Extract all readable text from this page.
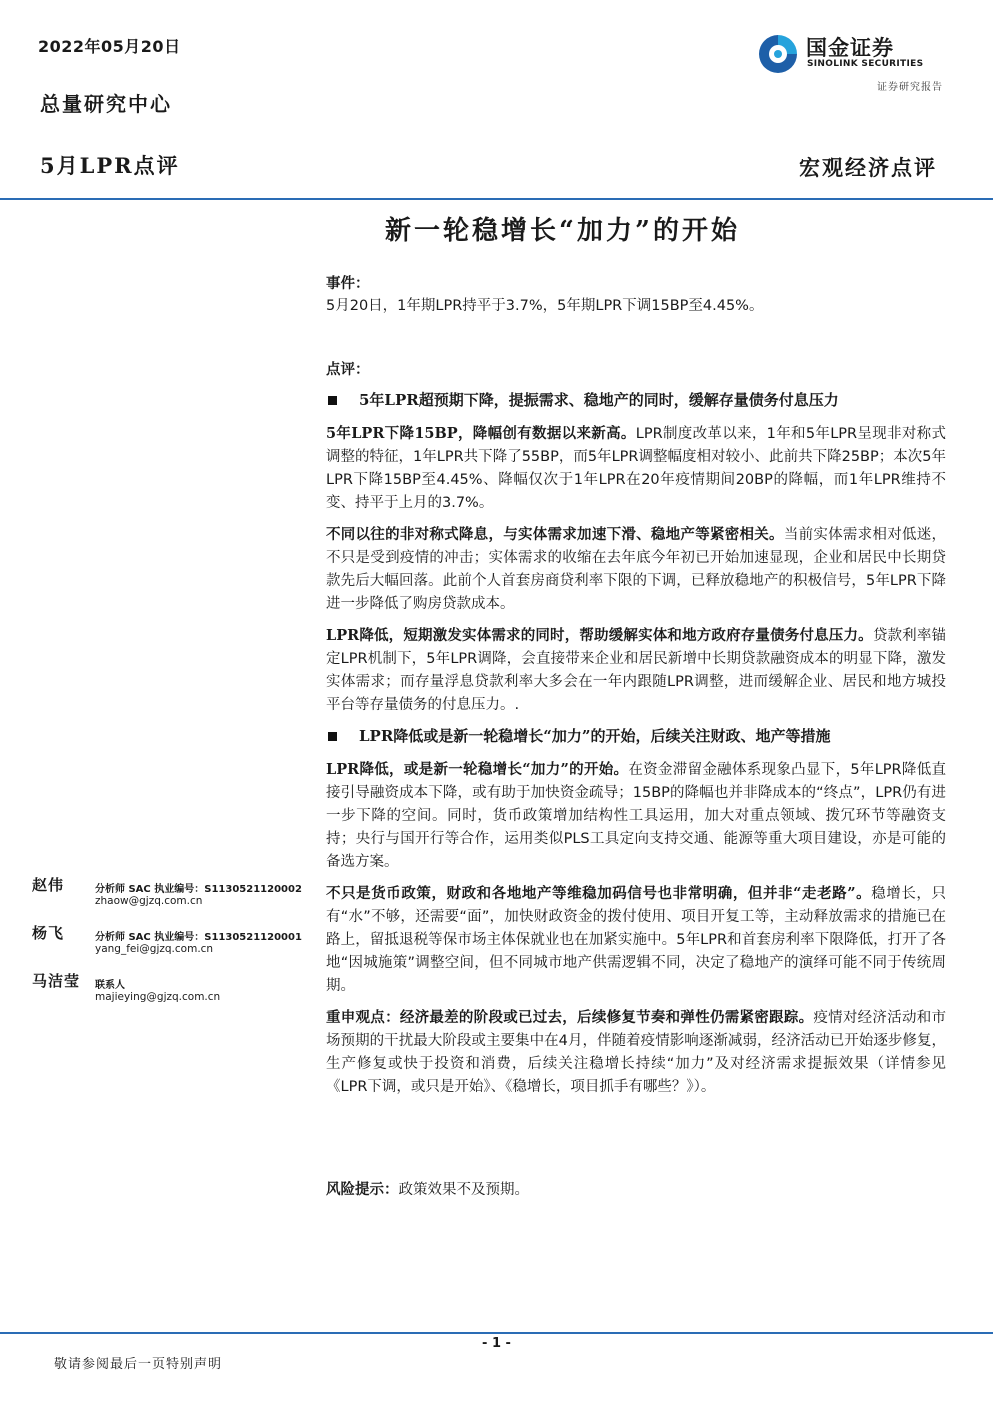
2022年05月20日
总量研究中心
5月LPR点评	宏观经济点评
国金证券
SINOLINK SECURITIES
证券研究报告
新一轮稳增长“加力”的开始

事件：

5月20日，1年期LPR持平于3.7%，5年期LPR下调15BP至4.45%。

点评：

5年LPR超预期下降，提振需求、稳地产的同时，缓解存量债务付息压力

5年LPR下降15BP，降幅创有数据以来新高。LPR制度改革以来，1年和5年LPR呈现非对称式调整的特征，1年LPR共下降了55BP，而5年LPR调整幅度相对较小、此前共下降25BP；本次5年LPR下降15BP至4.45%、降幅仅次于1年LPR在20年疫情期间20BP的降幅，而1年LPR维持不变、持平于上月的3.7%。

不同以往的非对称式降息，与实体需求加速下滑、稳地产等紧密相关。当前实体需求相对低迷，不只是受到疫情的冲击；实体需求的收缩在去年底今年初已开始加速显现，企业和居民中长期贷款先后大幅回落。此前个人首套房商贷利率下限的下调，已释放稳地产的积极信号，5年LPR下降进一步降低了购房贷款成本。

LPR降低，短期激发实体需求的同时，帮助缓解实体和地方政府存量债务付息压力。贷款利率锚定LPR机制下，5年LPR调降，会直接带来企业和居民新增中长期贷款融资成本的明显下降，激发实体需求；而存量浮息贷款利率大多会在一年内跟随LPR调整，进而缓解企业、居民和地方城投平台等存量债务的付息压力。.

LPR降低或是新一轮稳增长“加力”的开始，后续关注财政、地产等措施

LPR降低，或是新一轮稳增长“加力”的开始。在资金滞留金融体系现象凸显下，5年LPR降低直接引导融资成本下降，或有助于加快资金疏导；15BP的降幅也并非降成本的“终点”，LPR仍有进一步下降的空间。同时，货币政策增加结构性工具运用，加大对重点领域、拨冗环节等融资支持；央行与国开行等合作，运用类似PLS工具定向支持交通、能源等重大项目建设，亦是可能的备选方案。

不只是货币政策，财政和各地地产等维稳加码信号也非常明确，但并非“走老路”。稳增长，只有“水”不够，还需要“面”，加快财政资金的拨付使用、项目开复工等，主动释放需求的措施已在路上，留抵退税等保市场主体保就业也在加紧实施中。5年LPR和首套房利率下限降低，打开了各地“因城施策”调整空间，但不同城市地产供需逻辑不同，决定了稳地产的演绎可能不同于传统周期。

重申观点：经济最差的阶段或已过去，后续修复节奏和弹性仍需紧密跟踪。疫情对经济活动和市场预期的干扰最大阶段或主要集中在4月，伴随着疫情影响逐渐减弱，经济活动已开始逐步修复，生产修复或快于投资和消费，后续关注稳增长持续“加力”及对经济需求提振效果（详情参见《LPR下调，或只是开始》、《稳增长，项目抓手有哪些？》）。

赵伟	分析师 SAC 执业编号：S1130521120002
zhaow@gjzq.com.cn
杨飞	分析师 SAC 执业编号：S1130521120001
yang_fei@gjzq.com.cn
马洁莹 联系人
majieying@gjzq.com.cn
风险提示：政策效果不及预期。
- 1 -
敬请参阅最后一页特别声明
